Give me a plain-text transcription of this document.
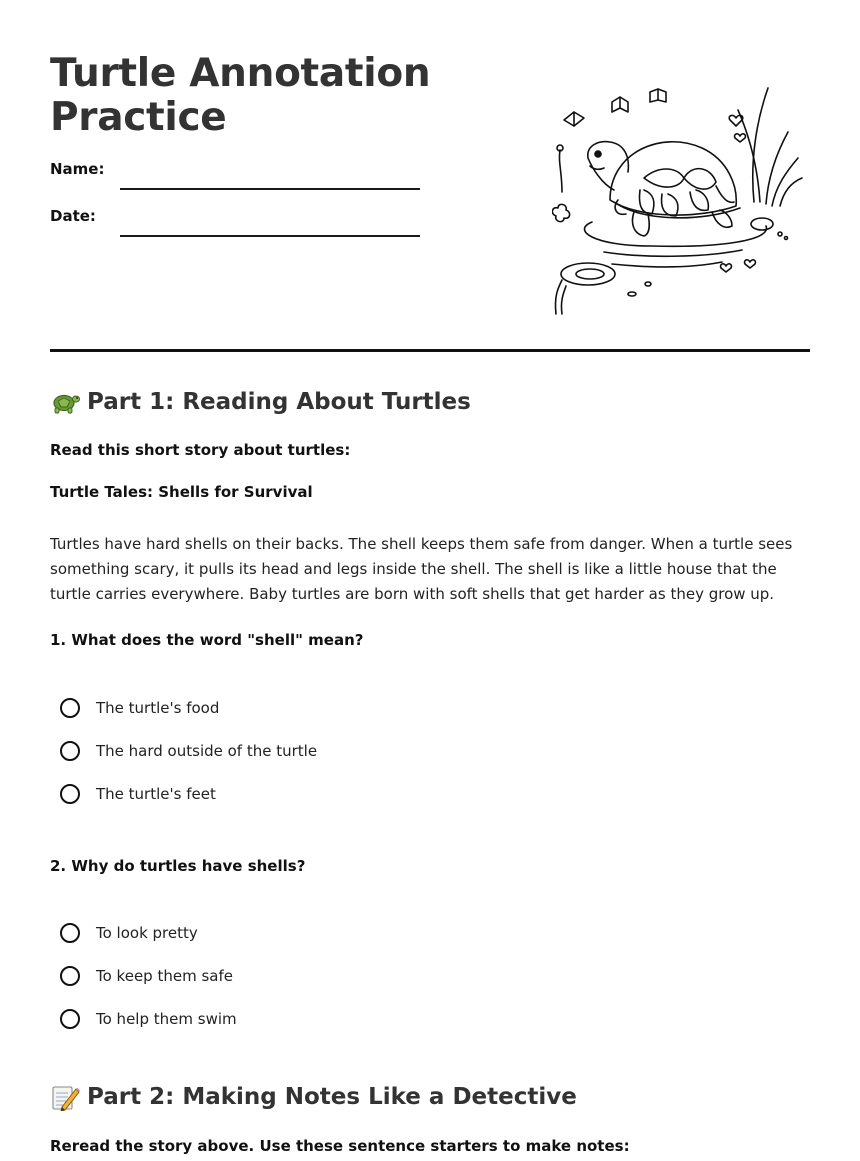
Turtle Annotation
Practice
Name:
Date:
Part 1: Reading About Turtles
Read this short story about turtles:
Turtle Tales: Shells for Survival

Turtles have hard shells on their backs. The shell keeps them safe from danger. When a turtle sees something scary, it pulls its head and legs inside the shell. The shell is like a little house that the turtle carries everywhere. Baby turtles are born with soft shells that get harder as they grow up.

1. What does the word "shell" mean?
The turtle's food
The hard outside of the turtle
The turtle's feet
2. Why do turtles have shells?
To look pretty
To keep them safe
To help them swim
Part 2: Making Notes Like a Detective
Reread the story above. Use these sentence starters to make notes:
